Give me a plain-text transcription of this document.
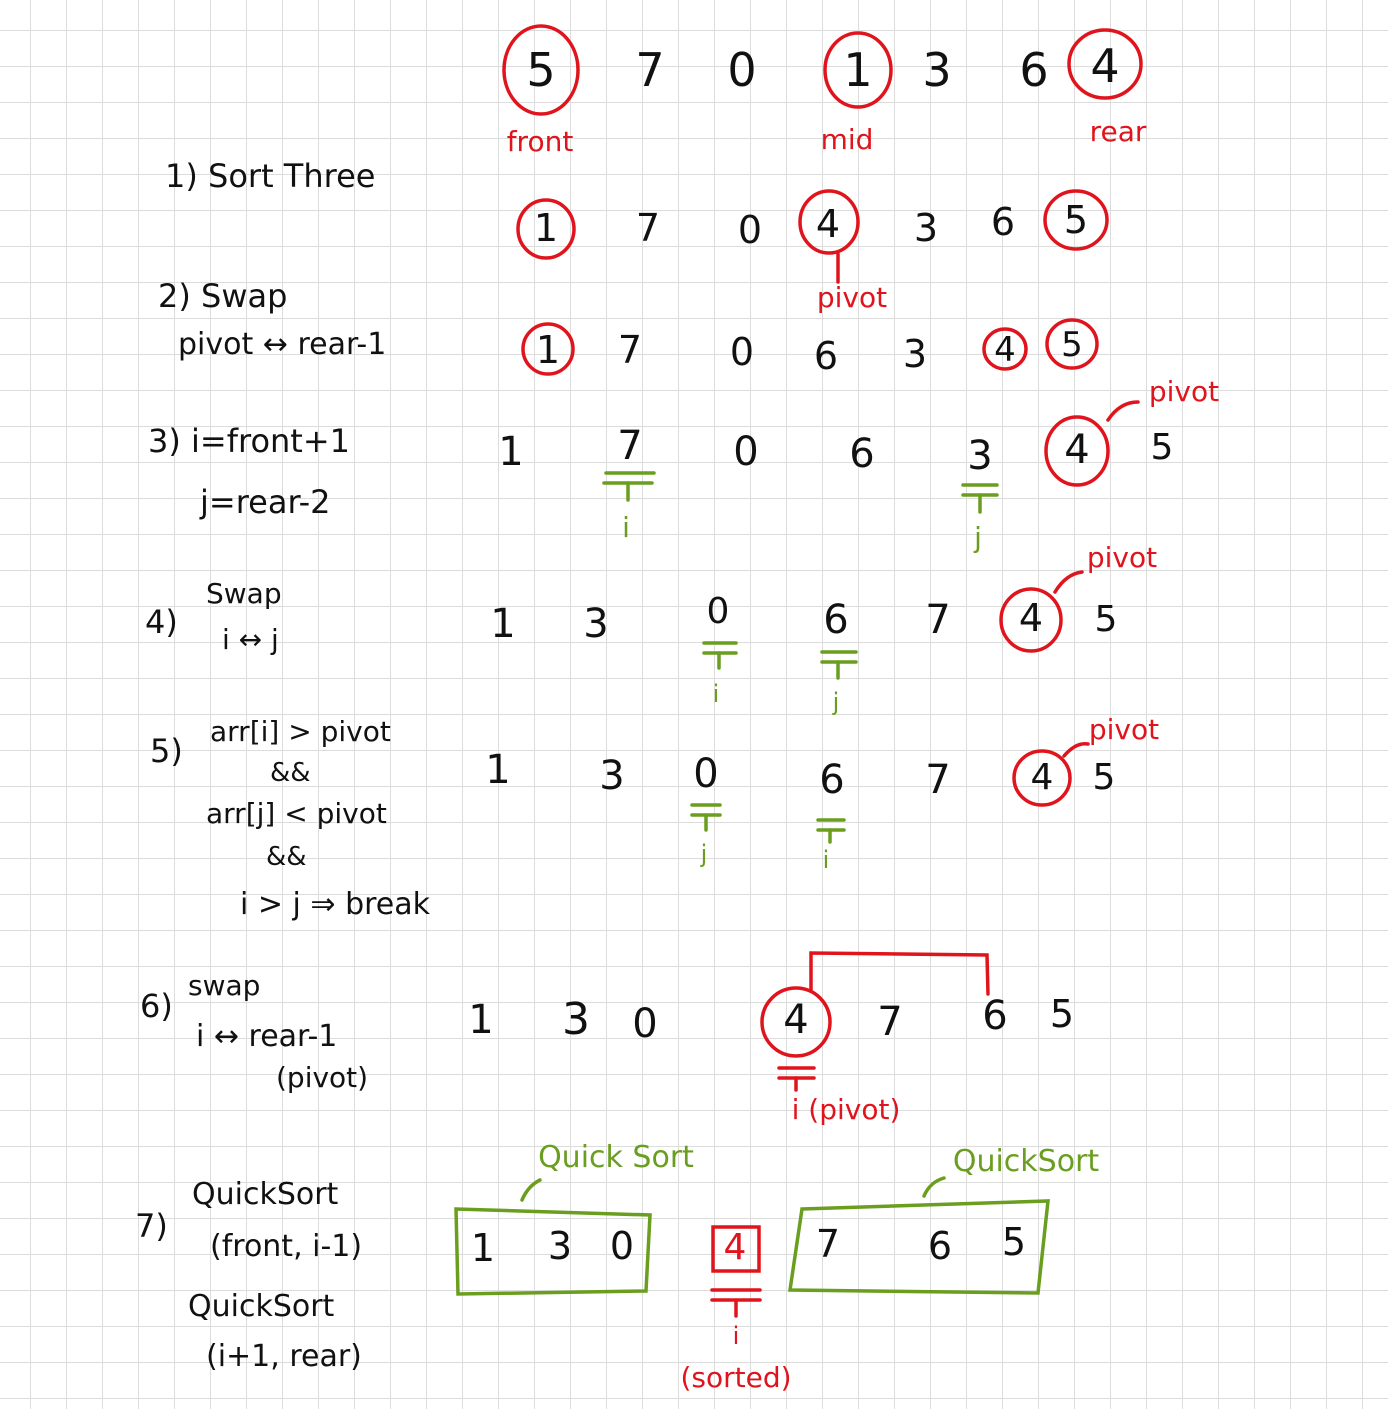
1) Sort Three
5 7 0 1 3 6 4
front	mid	rear
1 7 0 4 3 6 5
pivot
2) Swap
pivot ↔ rear-1	1 7 0 6 3 4 5
3) i=front+1
j=rear-2
1 7 0 6 3 4 5
pivot
i	j
4)
Swap
i ↔ j	1 3	0 6 7 4 5
pivot
i	j
5)
arr[i] > pivot
&&
arr[j] < pivot
&&
i > j ⇒ break
1 3 0	6 7 4 5
pivot
j	i
6)
swap
i ↔ rear-1
(pivot)
1 3 0	4 7 6 5
i (pivot)
7)
QuickSort
(front, i-1)
QuickSort
(i+1, rear)
Quick Sort
1 3 0 4
i
(sorted)
QuickSort
7 6 5
